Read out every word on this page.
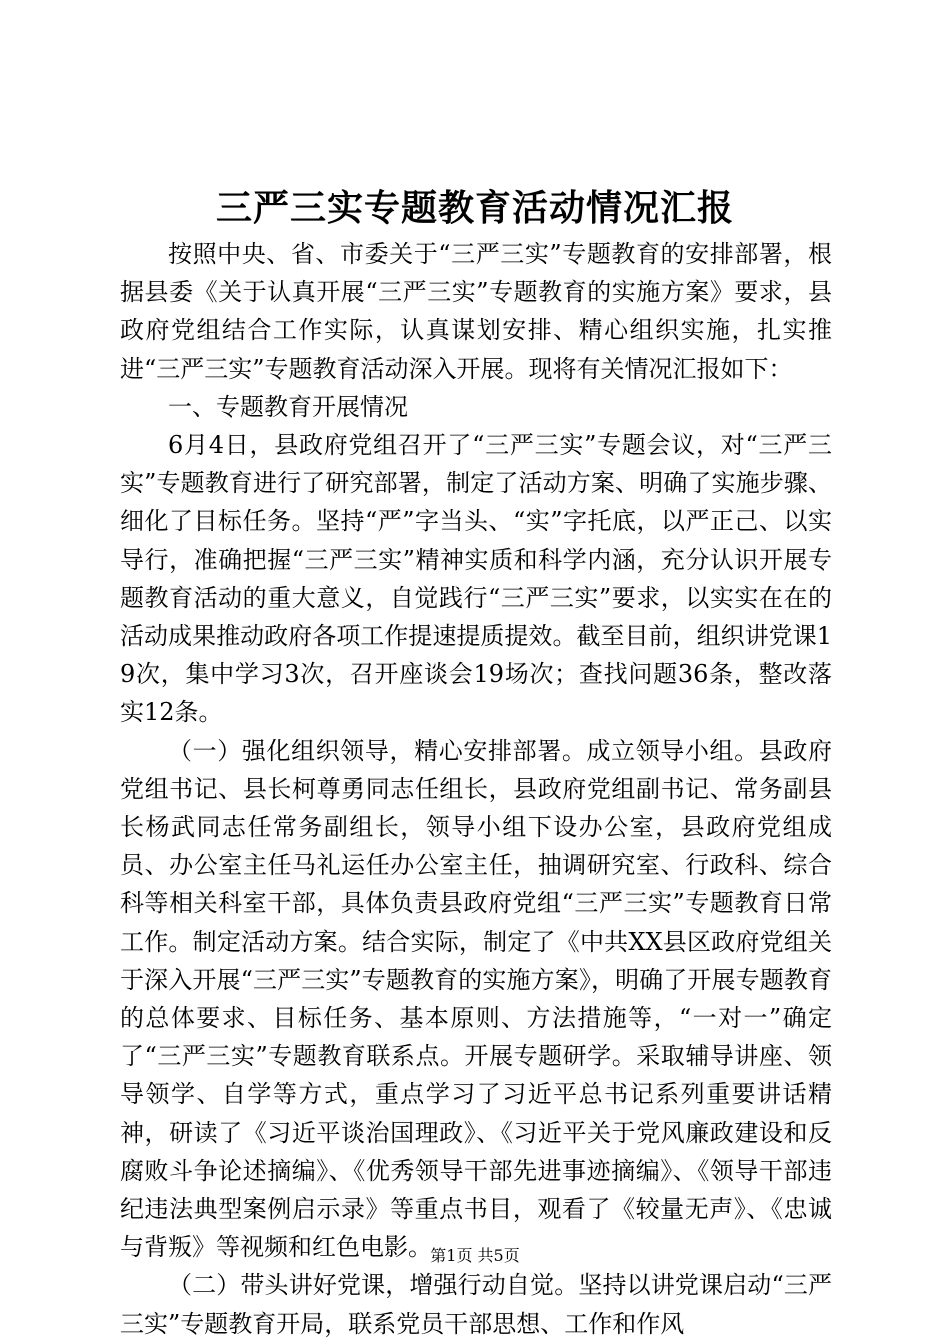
三严三实专题教育活动情况汇报

按照中央、省、市委关于“三严三实”专题教育的安排部署，根据县委《关于认真开展“三严三实”专题教育的实施方案》要求，县政府党组结合工作实际，认真谋划安排、精心组织实施，扎实推进“三严三实”专题教育活动深入开展。现将有关情况汇报如下：

一、专题教育开展情况

6月4日，县政府党组召开了“三严三实”专题会议，对“三严三实”专题教育进行了研究部署，制定了活动方案、明确了实施步骤、细化了目标任务。坚持“严”字当头、“实”字托底，以严正己、以实导行，准确把握“三严三实”精神实质和科学内涵，充分认识开展专题教育活动的重大意义，自觉践行“三严三实”要求，以实实在在的活动成果推动政府各项工作提速提质提效。截至目前，组织讲党课19次，集中学习3次，召开座谈会19场次；查找问题36条，整改落实12条。

（一）强化组织领导，精心安排部署。成立领导小组。县政府党组书记、县长柯尊勇同志任组长，县政府党组副书记、常务副县长杨武同志任常务副组长，领导小组下设办公室，县政府党组成员、办公室主任马礼运任办公室主任，抽调研究室、行政科、综合科等相关科室干部，具体负责县政府党组“三严三实”专题教育日常工作。制定活动方案。结合实际，制定了《中共XX县区政府党组关于深入开展“三严三实”专题教育的实施方案》，明确了开展专题教育的总体要求、目标任务、基本原则、方法措施等，“一对一”确定了“三严三实”专题教育联系点。开展专题研学。采取辅导讲座、领导领学、自学等方式，重点学习了习近平总书记系列重要讲话精神，研读了《习近平谈治国理政》、《习近平关于党风廉政建设和反腐败斗争论述摘编》、《优秀领导干部先进事迹摘编》、《领导干部违纪违法典型案例启示录》等重点书目，观看了《较量无声》、《忠诚与背叛》等视频和红色电影。

（二）带头讲好党课，增强行动自觉。坚持以讲党课启动“三严三实”专题教育开局，联系党员干部思想、工作和作风

第1页 共5页
